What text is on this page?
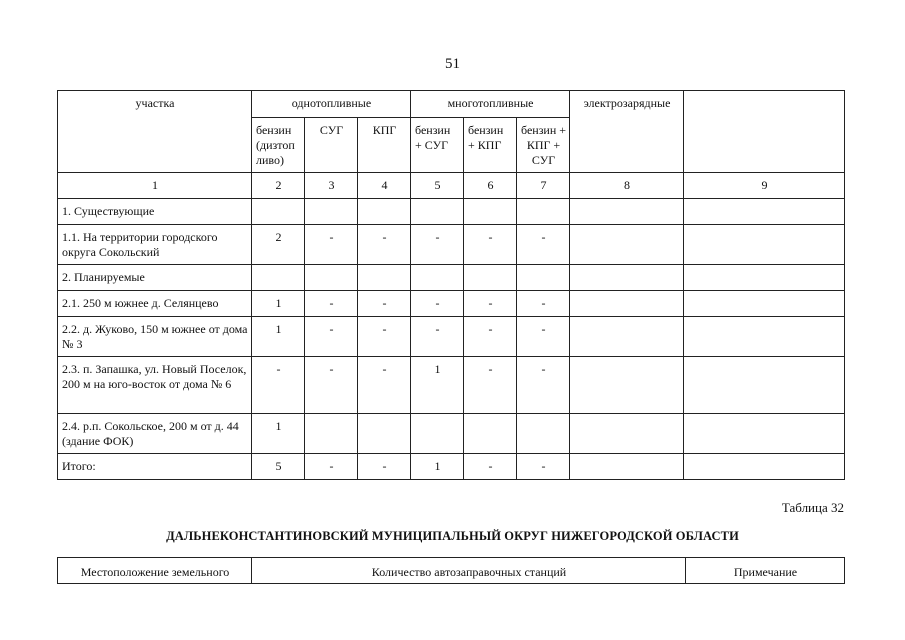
51
участка	однотопливные			многотопливные			электрозарядные	
	бензин (дизтоп ливо)	СУГ	КПГ	бензин + СУГ	бензин + КПГ	бензин + КПГ + СУГ		
1	2	3	4	5	6	7	8	9
1. Существующие								
1.1. На территории городского округа Сокольский	2	-	-	-	-	-		
2. Планируемые								
2.1. 250 м южнее д. Селянцево	1	-	-	-	-	-		
2.2. д. Жуково, 150 м южнее от дома № 3	1	-	-	-	-	-		
2.3. п. Запашка, ул. Новый Поселок, 200 м на юго-восток от дома № 6	-	-	-	1	-	-		
2.4. р.п. Сокольское, 200 м от д. 44 (здание ФОК)	1							
Итого:	5	-	-	1	-	-		
Таблица 32
ДАЛЬНЕКОНСТАНТИНОВСКИЙ МУНИЦИПАЛЬНЫЙ ОКРУГ НИЖЕГОРОДСКОЙ ОБЛАСТИ
Местоположение земельного	Количество автозаправочных станций	Примечание
